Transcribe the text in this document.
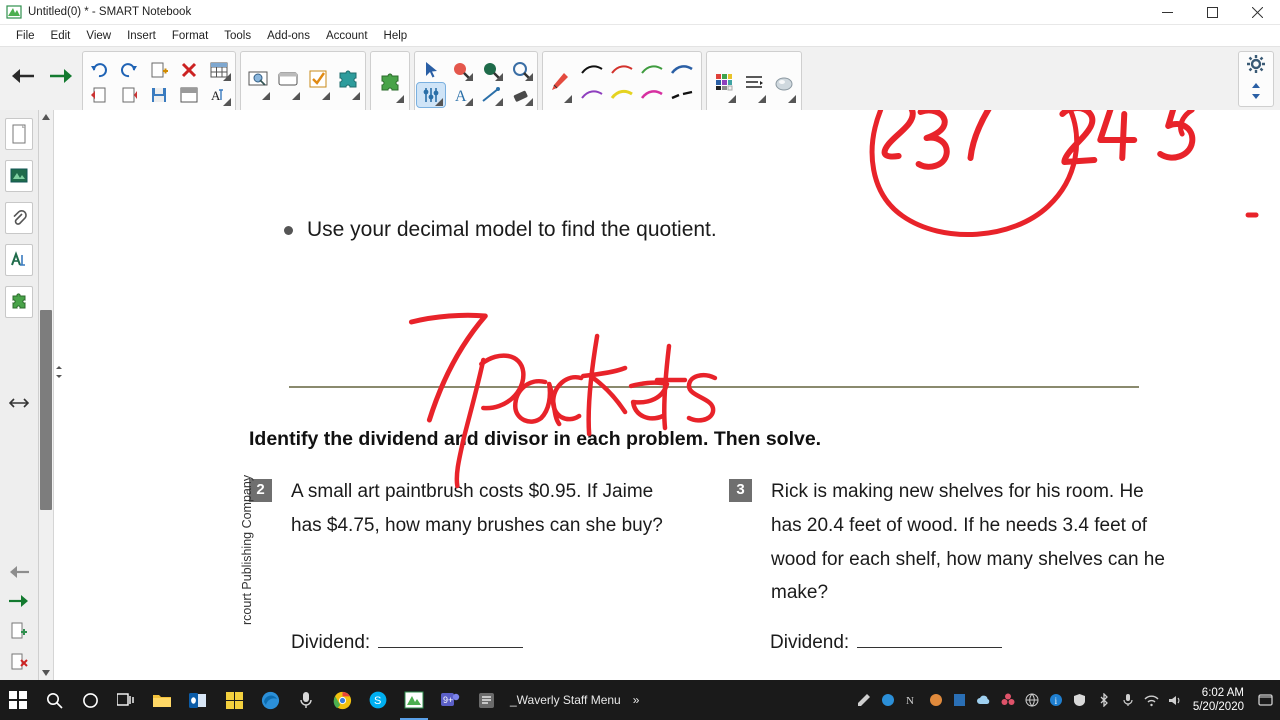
Untitled(0) * - SMART Notebook
File	Edit	View	Insert	Format	Tools	Add-ons	Account	Help
A	A
Use your decimal model to find the quotient.
Identify the dividend and divisor in each problem. Then solve.
2	A small art paintbrush costs $0.95. If Jaime has $4.75, how many brushes can she buy?
3	Rick is making new shelves for his room. He has 20.4 feet of wood. If he needs 3.4 feet of wood for each shelf, how many shelves can he make?
Dividend:	Dividend:
rcourt Publishing Company
S	9+	_Waverly Staff Menu	»	N	i
6:02 AM
5/20/2020
